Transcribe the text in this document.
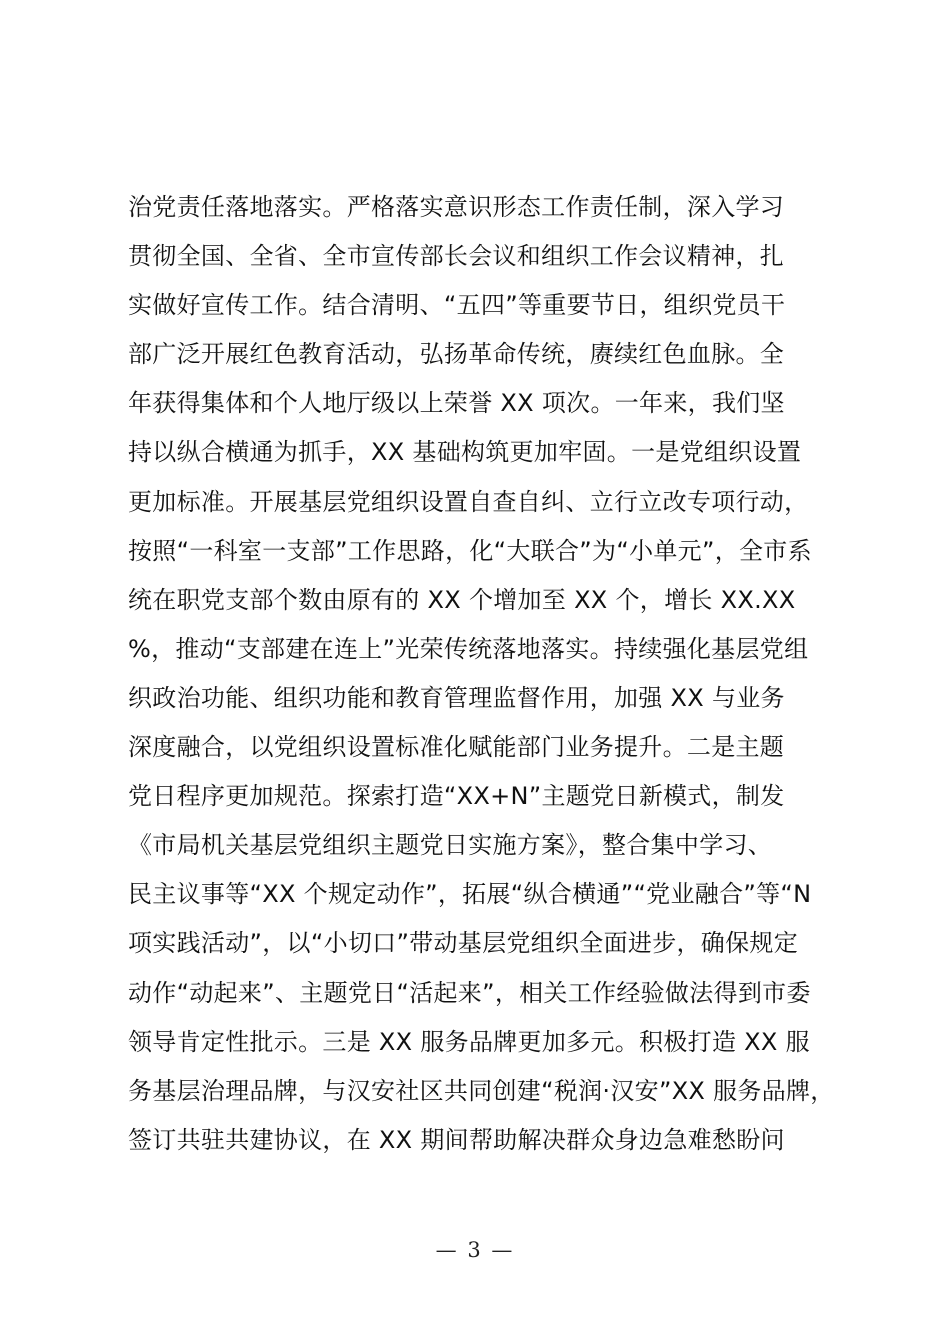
治党责任落地落实。严格落实意识形态工作责任制，深入学习
贯彻全国、全省、全市宣传部长会议和组织工作会议精神，扎
实做好宣传工作。结合清明、“五四”等重要节日，组织党员干
部广泛开展红色教育活动，弘扬革命传统，赓续红色血脉。全
年获得集体和个人地厅级以上荣誉 XX 项次。一年来，我们坚
持以纵合横通为抓手，XX 基础构筑更加牢固。一是党组织设置
更加标准。开展基层党组织设置自查自纠、立行立改专项行动，
按照“一科室一支部”工作思路，化“大联合”为“小单元”，全市系
统在职党支部个数由原有的 XX 个增加至 XX 个，增长 XX.XX
%，推动“支部建在连上”光荣传统落地落实。持续强化基层党组
织政治功能、组织功能和教育管理监督作用，加强 XX 与业务
深度融合，以党组织设置标准化赋能部门业务提升。二是主题
党日程序更加规范。探索打造“XX+N”主题党日新模式，制发
《市局机关基层党组织主题党日实施方案》，整合集中学习、
民主议事等“XX 个规定动作”，拓展“纵合横通”“党业融合”等“N
项实践活动”，以“小切口”带动基层党组织全面进步，确保规定
动作“动起来”、主题党日“活起来”，相关工作经验做法得到市委
领导肯定性批示。三是 XX 服务品牌更加多元。积极打造 XX 服
务基层治理品牌，与汉安社区共同创建“税润·汉安”XX 服务品牌，
签订共驻共建协议，在 XX 期间帮助解决群众身边急难愁盼问
— 3 —
